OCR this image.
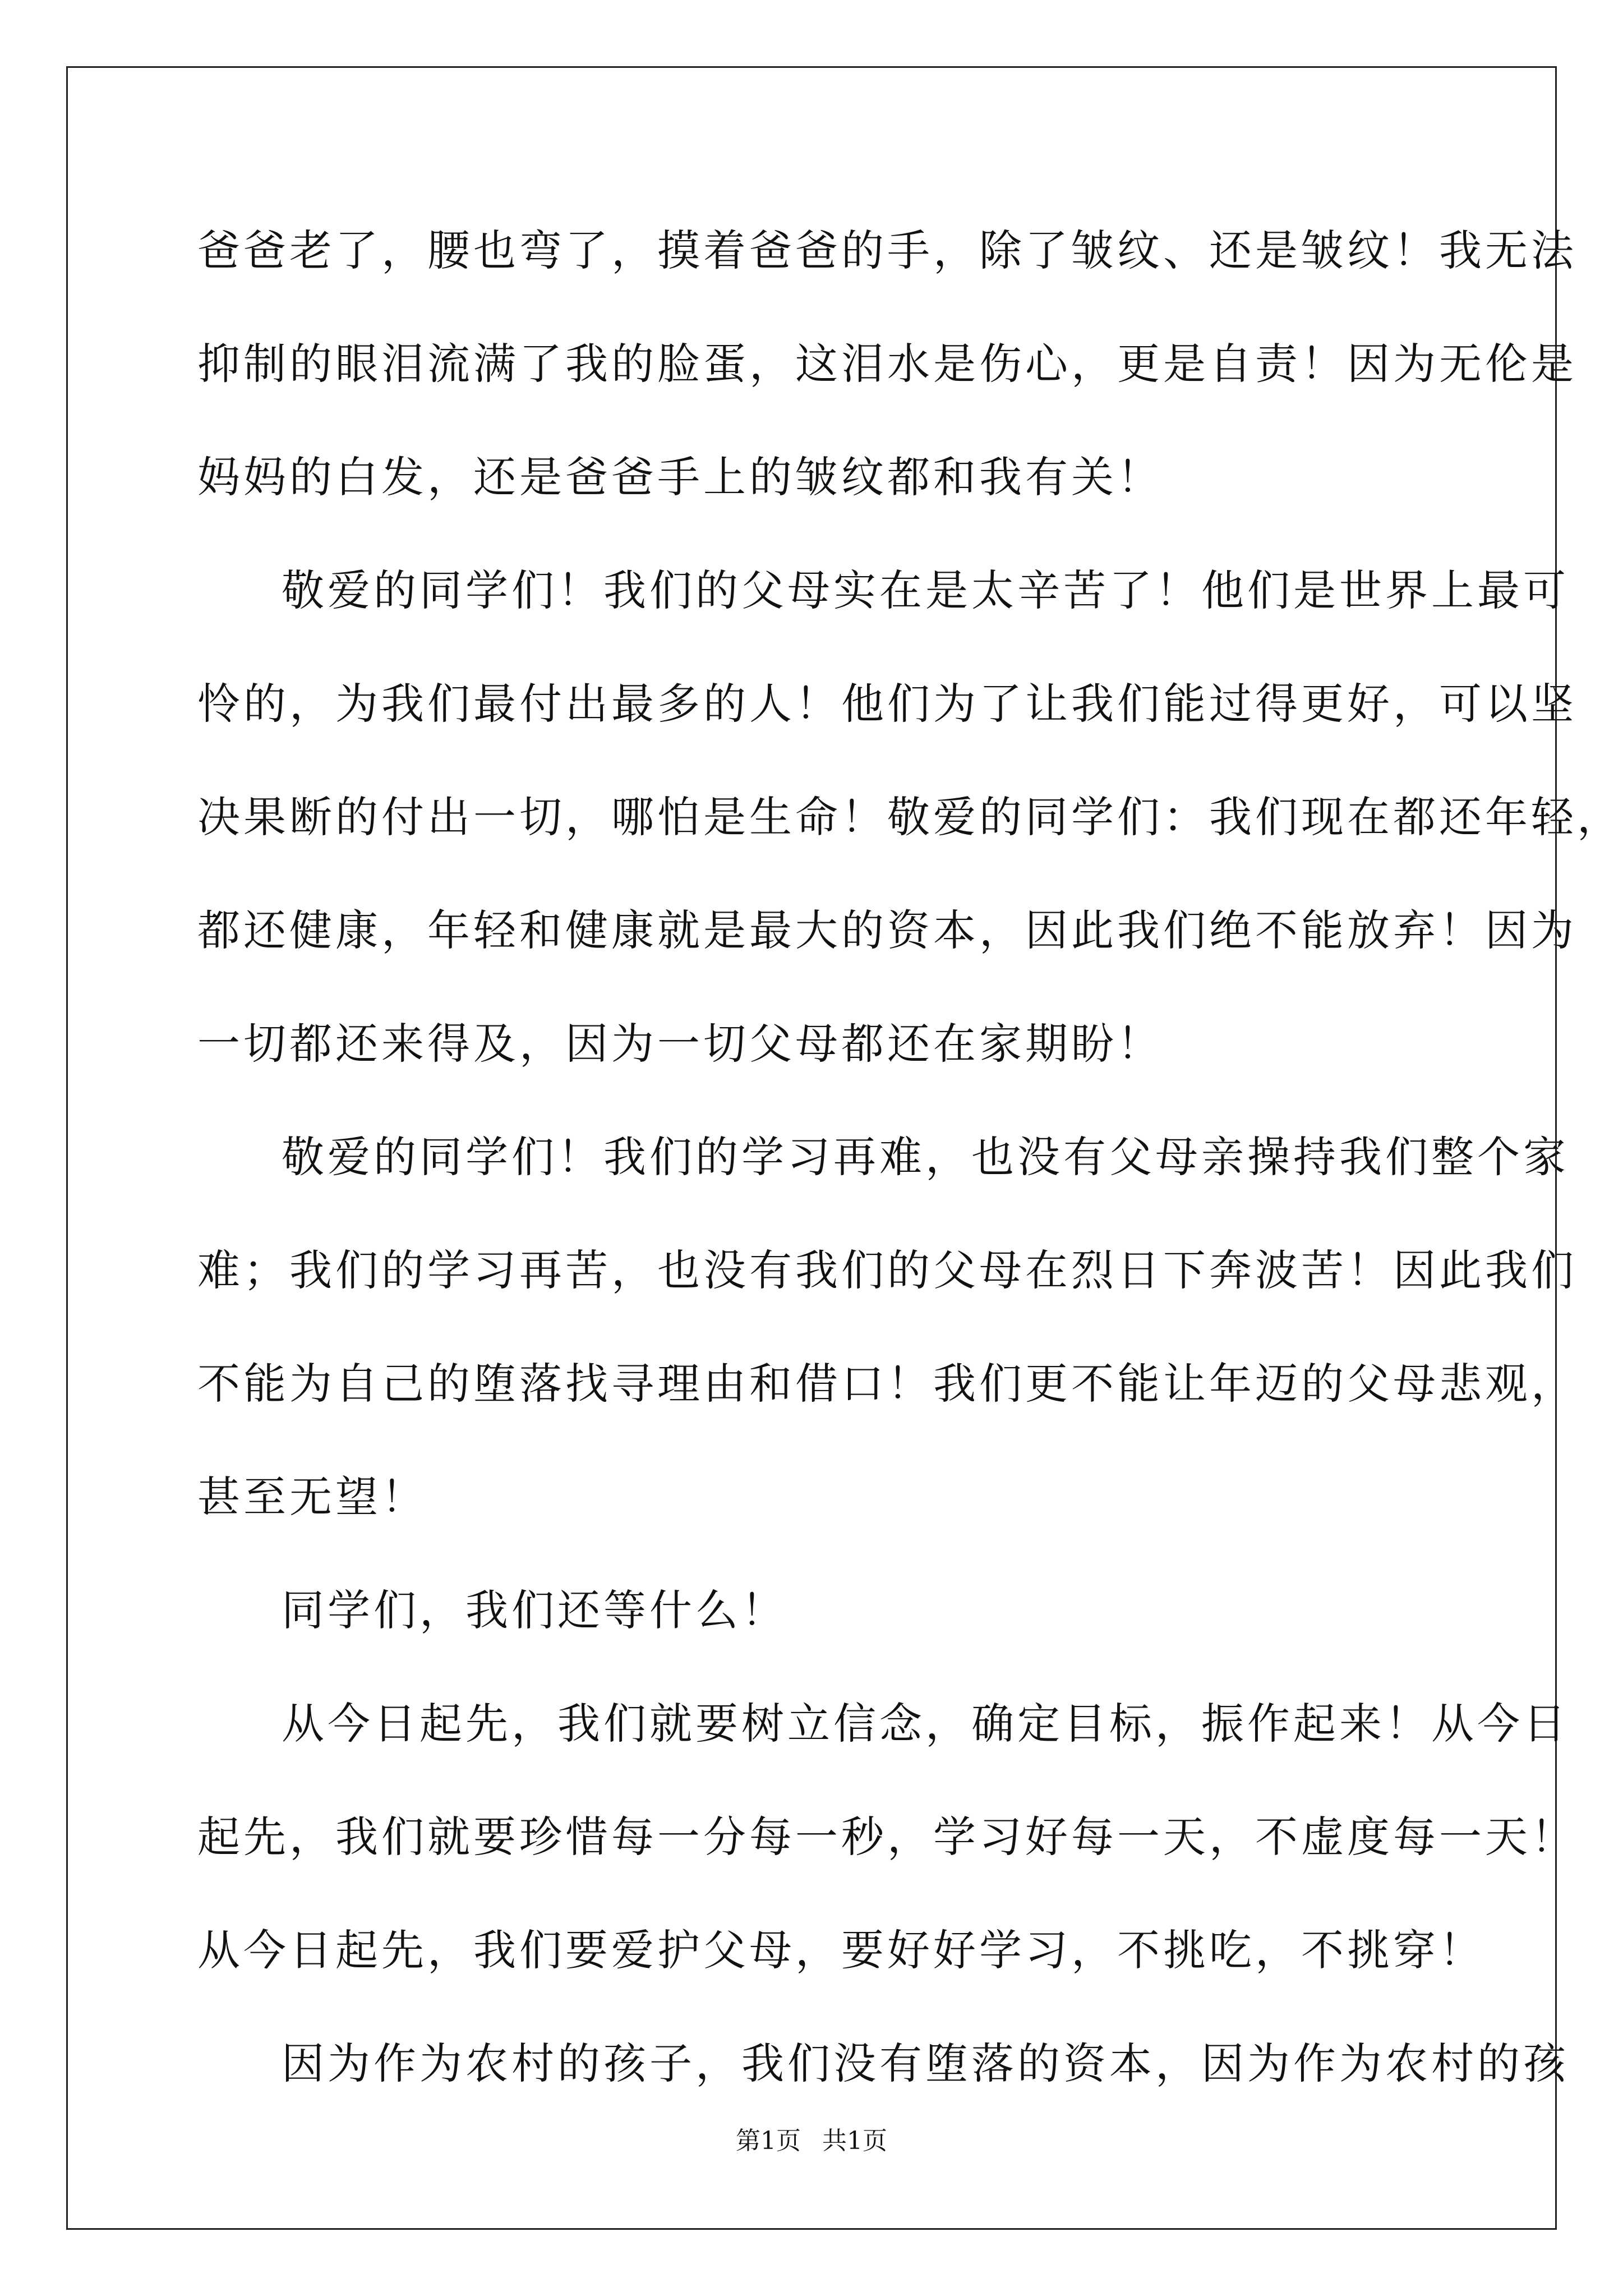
爸爸老了，腰也弯了，摸着爸爸的手，除了皱纹、还是皱纹！我无法
抑制的眼泪流满了我的脸蛋，这泪水是伤心，更是自责！因为无伦是
妈妈的白发，还是爸爸手上的皱纹都和我有关！
敬爱的同学们！我们的父母实在是太辛苦了！他们是世界上最可
怜的，为我们最付出最多的人！他们为了让我们能过得更好，可以坚
决果断的付出一切，哪怕是生命！敬爱的同学们：我们现在都还年轻，
都还健康，年轻和健康就是最大的资本，因此我们绝不能放弃！因为
一切都还来得及，因为一切父母都还在家期盼！
敬爱的同学们！我们的学习再难，也没有父母亲操持我们整个家
难；我们的学习再苦，也没有我们的父母在烈日下奔波苦！因此我们
不能为自己的堕落找寻理由和借口！我们更不能让年迈的父母悲观，
甚至无望！
同学们，我们还等什么！
从今日起先，我们就要树立信念，确定目标，振作起来！从今日
起先，我们就要珍惜每一分每一秒，学习好每一天，不虚度每一天！
从今日起先，我们要爱护父母，要好好学习，不挑吃，不挑穿！
因为作为农村的孩子，我们没有堕落的资本，因为作为农村的孩
第1页 共1页
